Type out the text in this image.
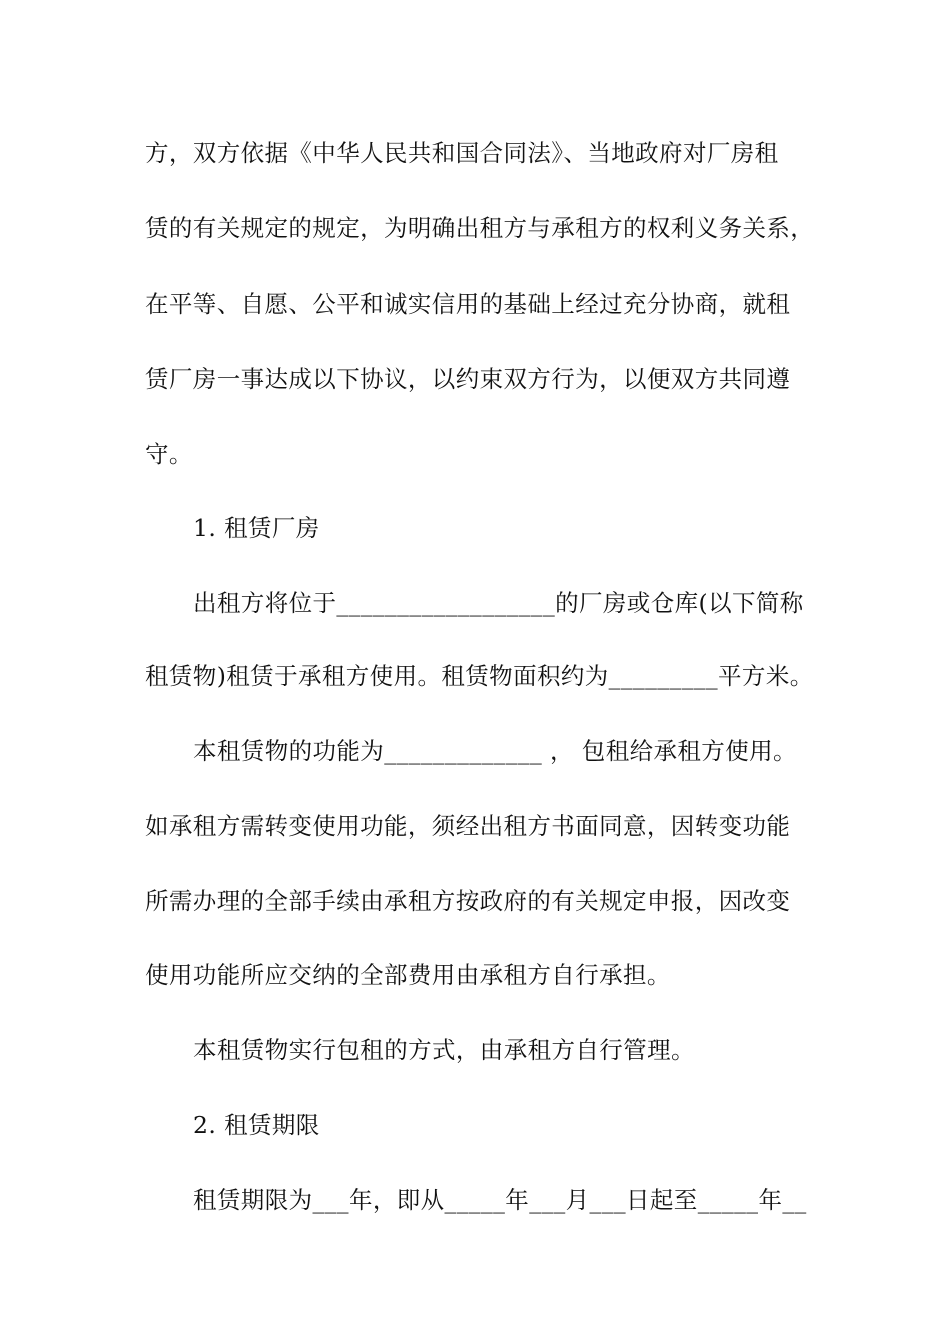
方，双方依据《中华人民共和国合同法》、当地政府对厂房租
赁的有关规定的规定，为明确出租方与承租方的权利义务关系，
在平等、自愿、公平和诚实信用的基础上经过充分协商，就租
赁厂房一事达成以下协议，以约束双方行为，以便双方共同遵
守。
1. 租赁厂房
出租方将位于__________________的厂房或仓库(以下简称
租赁物)租赁于承租方使用。租赁物面积约为_________平方米。
本租赁物的功能为_____________ ， 包租给承租方使用。
如承租方需转变使用功能，须经出租方书面同意，因转变功能
所需办理的全部手续由承租方按政府的有关规定申报，因改变
使用功能所应交纳的全部费用由承租方自行承担。
本租赁物实行包租的方式，由承租方自行管理。
2. 租赁期限
租赁期限为___年，即从_____年___月___日起至_____年__
